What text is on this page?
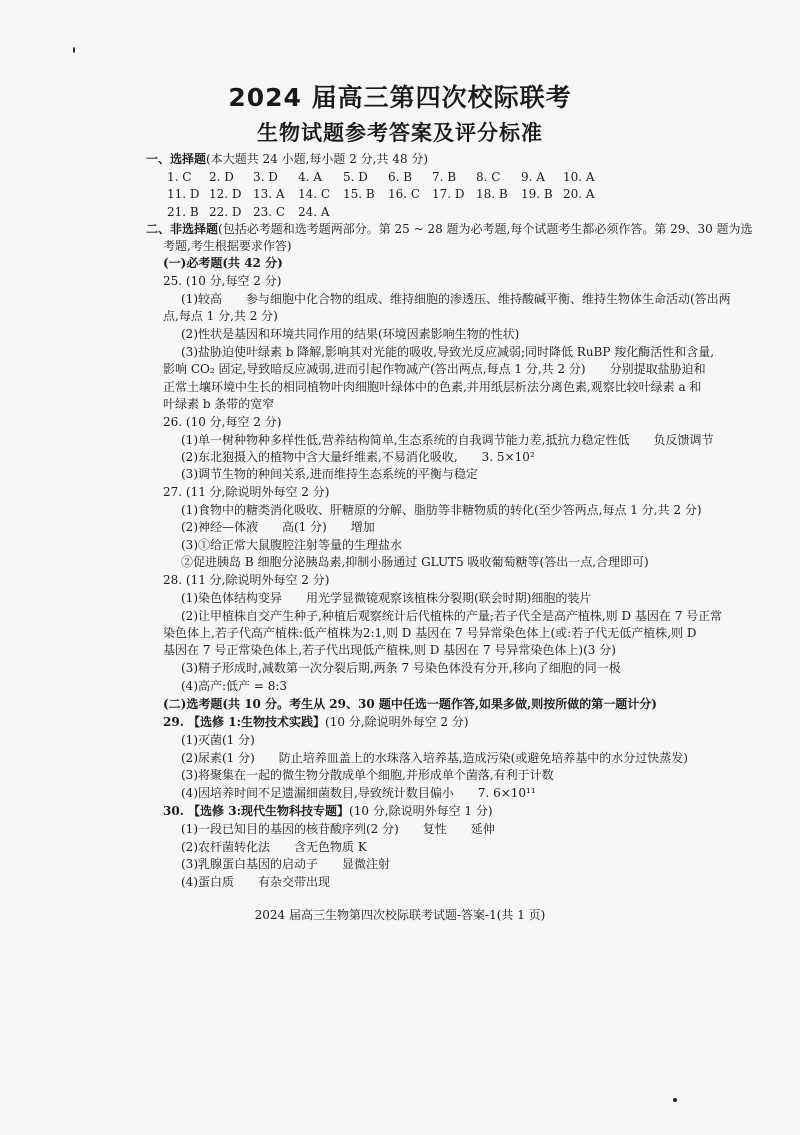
2024 届高三第四次校际联考
生物试题参考答案及评分标准
一、选择题(本大题共 24 小题,每小题 2 分,共 48 分)
1. C 2. D 3. D 4. A 5. D 6. B 7. B 8. C 9. A 10. A
11. D 12. D 13. A 14. C 15. B 16. C 17. D 18. B 19. B 20. A
21. B 22. D 23. C 24. A
二、非选择题(包括必考题和选考题两部分。第 25 ~ 28 题为必考题,每个试题考生都必须作答。第 29、30 题为选
考题,考生根据要求作答)
(一)必考题(共 42 分)
25. (10 分,每空 2 分)
(1)较高　　参与细胞中化合物的组成、维持细胞的渗透压、维持酸碱平衡、维持生物体生命活动(答出两
点,每点 1 分,共 2 分)
(2)性状是基因和环境共同作用的结果(环境因素影响生物的性状)
(3)盐胁迫使叶绿素 b 降解,影响其对光能的吸收,导致光反应减弱;同时降低 RuBP 羧化酶活性和含量,
影响 CO₂ 固定,导致暗反应减弱,进而引起作物减产(答出两点,每点 1 分,共 2 分)　　分别提取盐胁迫和
正常土壤环境中生长的相同植物叶肉细胞叶绿体中的色素,并用纸层析法分离色素,观察比较叶绿素 a 和
叶绿素 b 条带的宽窄
26. (10 分,每空 2 分)
(1)单一树种物种多样性低,营养结构简单,生态系统的自我调节能力差,抵抗力稳定性低　　负反馈调节
(2)东北狍摄入的植物中含大量纤维素,不易消化吸收,　　3. 5×10²
(3)调节生物的种间关系,进而维持生态系统的平衡与稳定
27. (11 分,除说明外每空 2 分)
(1)食物中的糖类消化吸收、肝糖原的分解、脂肪等非糖物质的转化(至少答两点,每点 1 分,共 2 分)
(2)神经—体液　　高(1 分)　　增加
(3)①给正常大鼠腹腔注射等量的生理盐水
②促进胰岛 B 细胞分泌胰岛素,抑制小肠通过 GLUT5 吸收葡萄糖等(答出一点,合理即可)
28. (11 分,除说明外每空 2 分)
(1)染色体结构变异　　用光学显微镜观察该植株分裂期(联会时期)细胞的装片
(2)让甲植株自交产生种子,种植后观察统计后代植株的产量;若子代全是高产植株,则 D 基因在 7 号正常
染色体上,若子代高产植株:低产植株为2:1,则 D 基因在 7 号异常染色体上(或:若子代无低产植株,则 D
基因在 7 号正常染色体上,若子代出现低产植株,则 D 基因在 7 号异常染色体上)(3 分)
(3)精子形成时,减数第一次分裂后期,两条 7 号染色体没有分开,移向了细胞的同一极
(4)高产:低产 = 8:3
(二)选考题(共 10 分。考生从 29、30 题中任选一题作答,如果多做,则按所做的第一题计分)
29. 【选修 1:生物技术实践】(10 分,除说明外每空 2 分)
(1)灭菌(1 分)
(2)尿素(1 分)　　防止培养皿盖上的水珠落入培养基,造成污染(或避免培养基中的水分过快蒸发)
(3)将聚集在一起的微生物分散成单个细胞,并形成单个菌落,有利于计数
(4)因培养时间不足遗漏细菌数目,导致统计数目偏小　　7. 6×10¹¹
30. 【选修 3:现代生物科技专题】(10 分,除说明外每空 1 分)
(1)一段已知目的基因的核苷酸序列(2 分)　　复性　　延伸
(2)农杆菌转化法　　含无色物质 K
(3)乳腺蛋白基因的启动子　　显微注射
(4)蛋白质　　有杂交带出现
2024 届高三生物第四次校际联考试题-答案-1(共 1 页)
